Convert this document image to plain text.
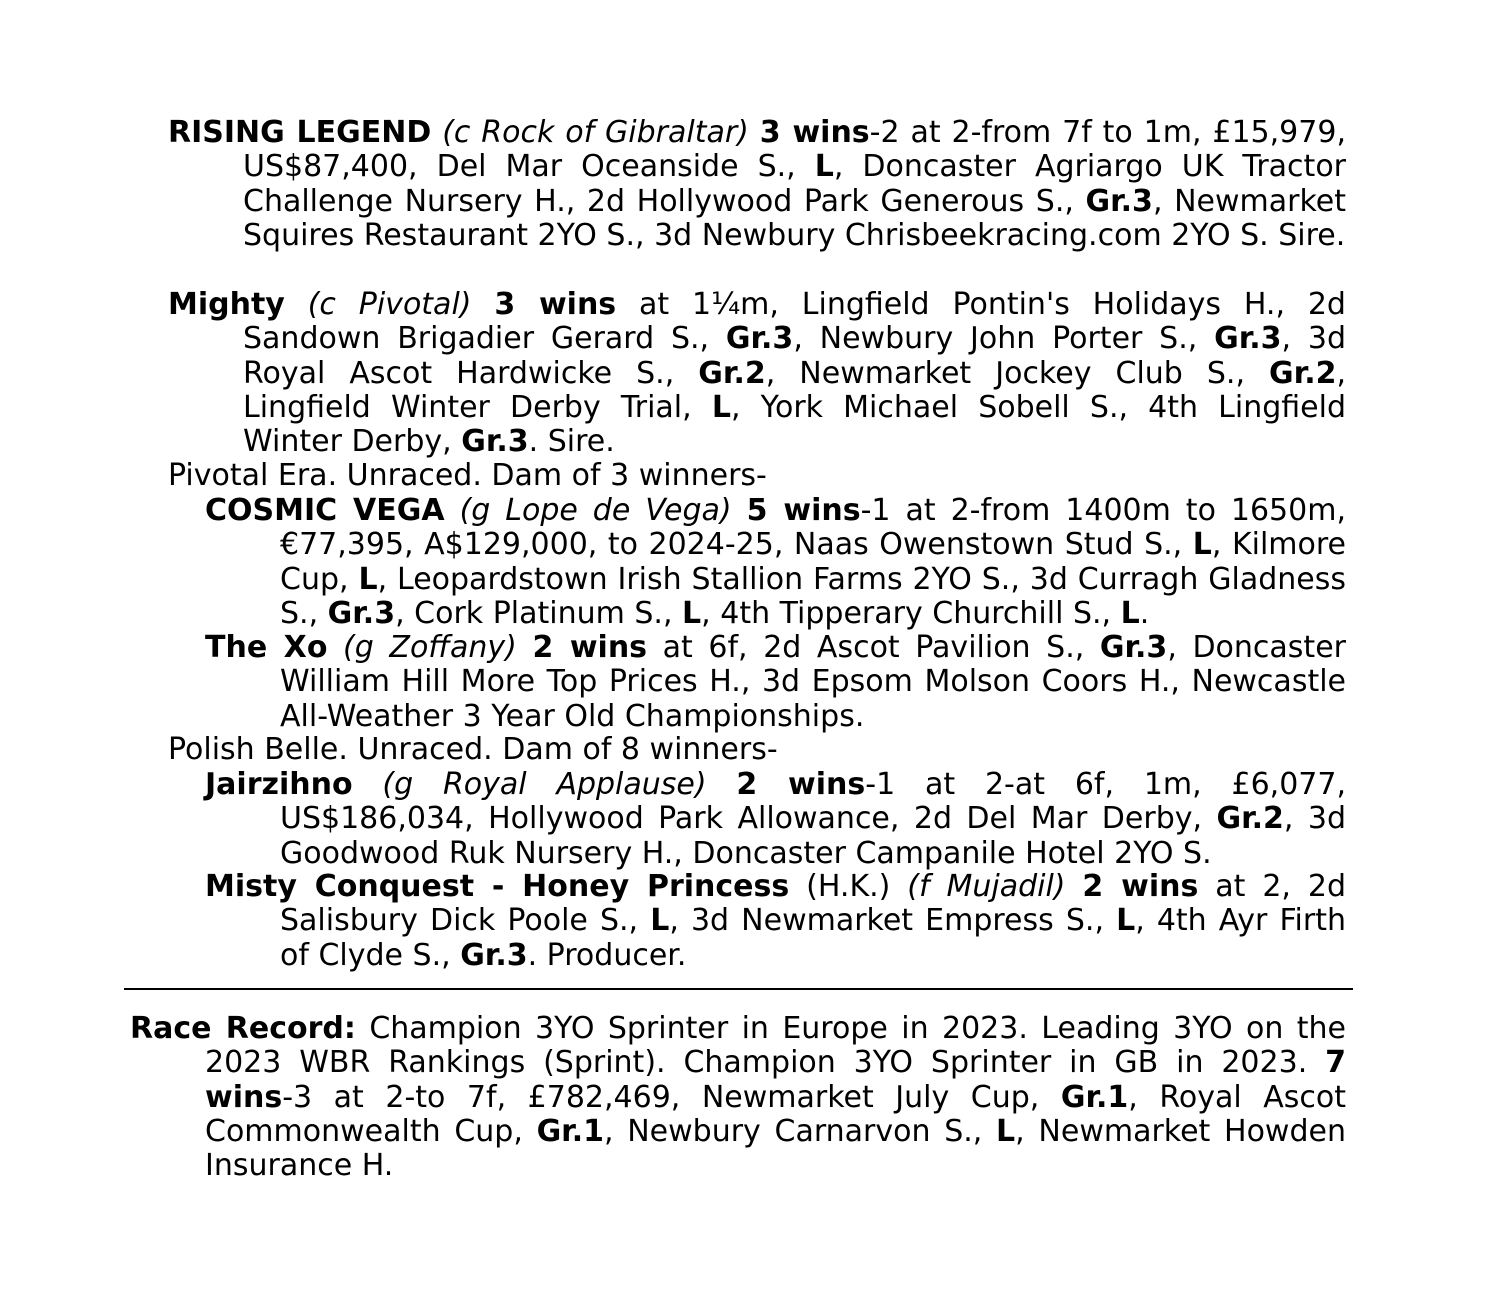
RISING LEGEND (c Rock of Gibraltar) 3 wins-2 at 2-from 7f to 1m, £15,979, US$87,400, Del Mar Oceanside S., L, Doncaster Agriargo UK Tractor Challenge Nursery H., 2d Hollywood Park Generous S., Gr.3, Newmarket Squires Restaurant 2YO S., 3d Newbury Chrisbeekracing.com 2YO S. Sire.

Mighty (c Pivotal) 3 wins at 1¼m, Lingfield Pontin's Holidays H., 2d Sandown Brigadier Gerard S., Gr.3, Newbury John Porter S., Gr.3, 3d Royal Ascot Hardwicke S., Gr.2, Newmarket Jockey Club S., Gr.2, Lingfield Winter Derby Trial, L, York Michael Sobell S., 4th Lingfield Winter Derby, Gr.3. Sire.

Pivotal Era. Unraced. Dam of 3 winners-

COSMIC VEGA (g Lope de Vega) 5 wins-1 at 2-from 1400m to 1650m, €77,395, A$129,000, to 2024-25, Naas Owenstown Stud S., L, Kilmore Cup, L, Leopardstown Irish Stallion Farms 2YO S., 3d Curragh Gladness S., Gr.3, Cork Platinum S., L, 4th Tipperary Churchill S., L.

The Xo (g Zoffany) 2 wins at 6f, 2d Ascot Pavilion S., Gr.3, Doncaster William Hill More Top Prices H., 3d Epsom Molson Coors H., Newcastle All-Weather 3 Year Old Championships.

Polish Belle. Unraced. Dam of 8 winners-

Jairzihno (g Royal Applause) 2 wins-1 at 2-at 6f, 1m, £6,077, US$186,034, Hollywood Park Allowance, 2d Del Mar Derby, Gr.2, 3d Goodwood Ruk Nursery H., Doncaster Campanile Hotel 2YO S.

Misty Conquest - Honey Princess (H.K.) (f Mujadil) 2 wins at 2, 2d Salisbury Dick Poole S., L, 3d Newmarket Empress S., L, 4th Ayr Firth of Clyde S., Gr.3. Producer.

Race Record: Champion 3YO Sprinter in Europe in 2023. Leading 3YO on the 2023 WBR Rankings (Sprint). Champion 3YO Sprinter in GB in 2023. 7 wins-3 at 2-to 7f, £782,469, Newmarket July Cup, Gr.1, Royal Ascot Commonwealth Cup, Gr.1, Newbury Carnarvon S., L, Newmarket Howden Insurance H.
